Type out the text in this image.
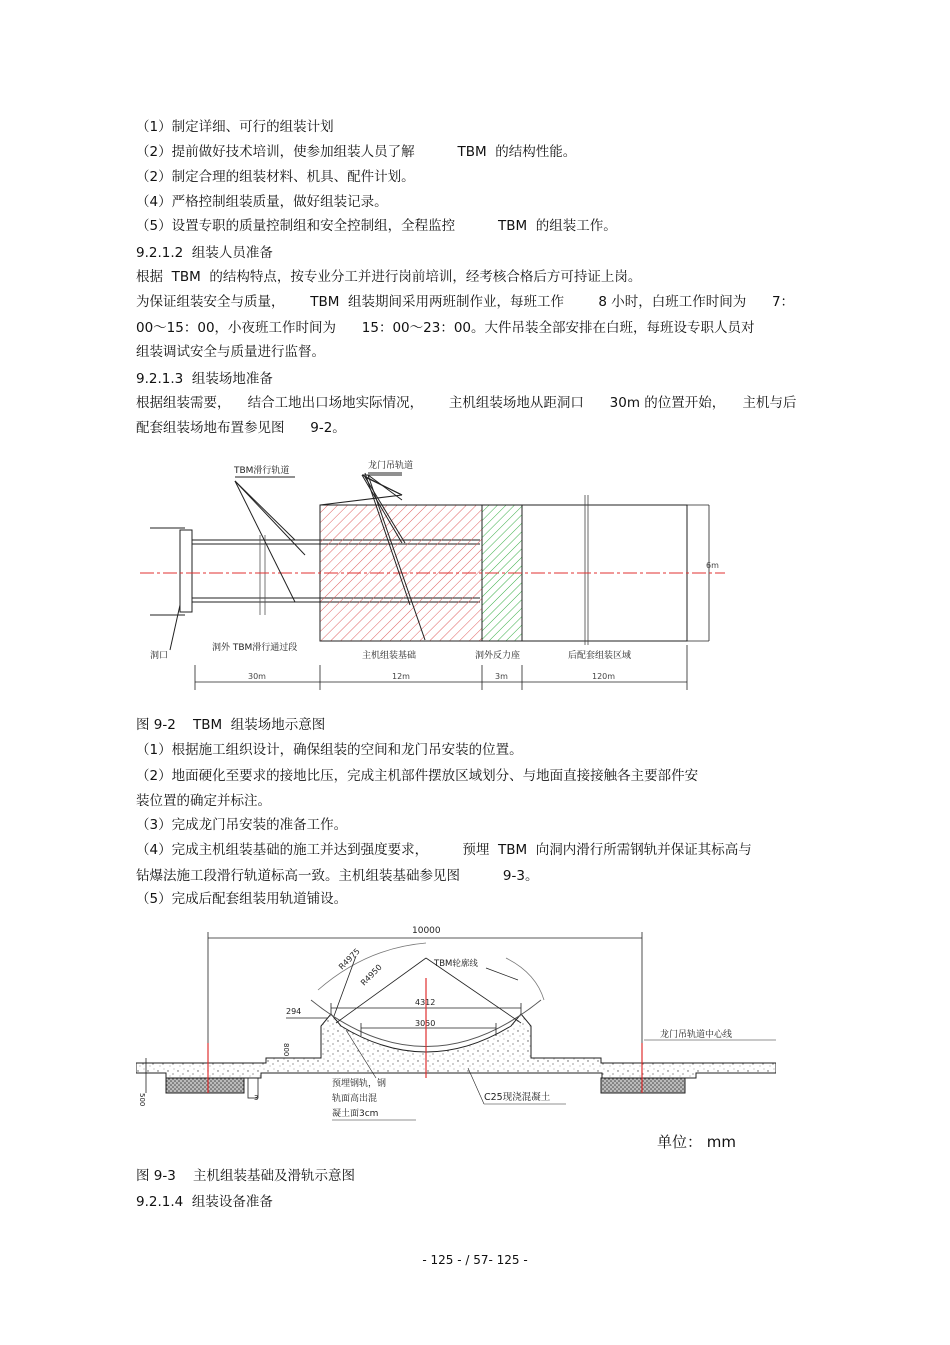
（1）制定详细、可行的组装计划
（2）提前做好技术培训，使参加组装人员了解          TBM  的结构性能。
（2）制定合理的组装材料、机具、配件计划。
（4）严格控制组装质量，做好组装记录。
（5）设置专职的质量控制组和安全控制组，全程监控          TBM  的组装工作。
9.2.1.2  组装人员准备
根据  TBM  的结构特点，按专业分工并进行岗前培训，经考核合格后方可持证上岗。
为保证组装安全与质量，      TBM  组装期间采用两班制作业，每班工作        8 小时，白班工作时间为      7：
00～15：00，小夜班工作时间为      15：00～23：00。大件吊装全部安排在白班，每班设专职人员对
组装调试安全与质量进行监督。
9.2.1.3  组装场地准备
根据组装需要，    结合工地出口场地实际情况，      主机组装场地从距洞口      30m 的位置开始，    主机与后
配套组装场地布置参见图      9-2。
6m
TBM滑行轨道	龙门吊轨道
洞口
洞外 TBM滑行通过段
主机组装基础	洞外反力座	后配套组装区域
30m	12m	3m	120m
图 9-2    TBM  组装场地示意图
（1）根据施工组织设计，确保组装的空间和龙门吊安装的位置。
（2）地面硬化至要求的接地比压，完成主机部件摆放区域划分、与地面直接接触各主要部件安
装位置的确定并标注。
（3）完成龙门吊安装的准备工作。
（4）完成主机组装基础的施工并达到强度要求，        预埋  TBM  向洞内滑行所需钢轨并保证其标高与
钻爆法施工段滑行轨道标高一致。主机组装基础参见图          9-3。
（5）完成后配套组装用轨道铺设。
10000
4312
3050
294
R4975
R4950	TBM轮廓线
800
500	3
龙门吊轨道中心线
预埋钢轨，钢
轨面高出混
凝土面3cm
C25现浇混凝土
单位： mm
图 9-3    主机组装基础及滑轨示意图
9.2.1.4  组装设备准备
- 125 - / 57- 125 -
